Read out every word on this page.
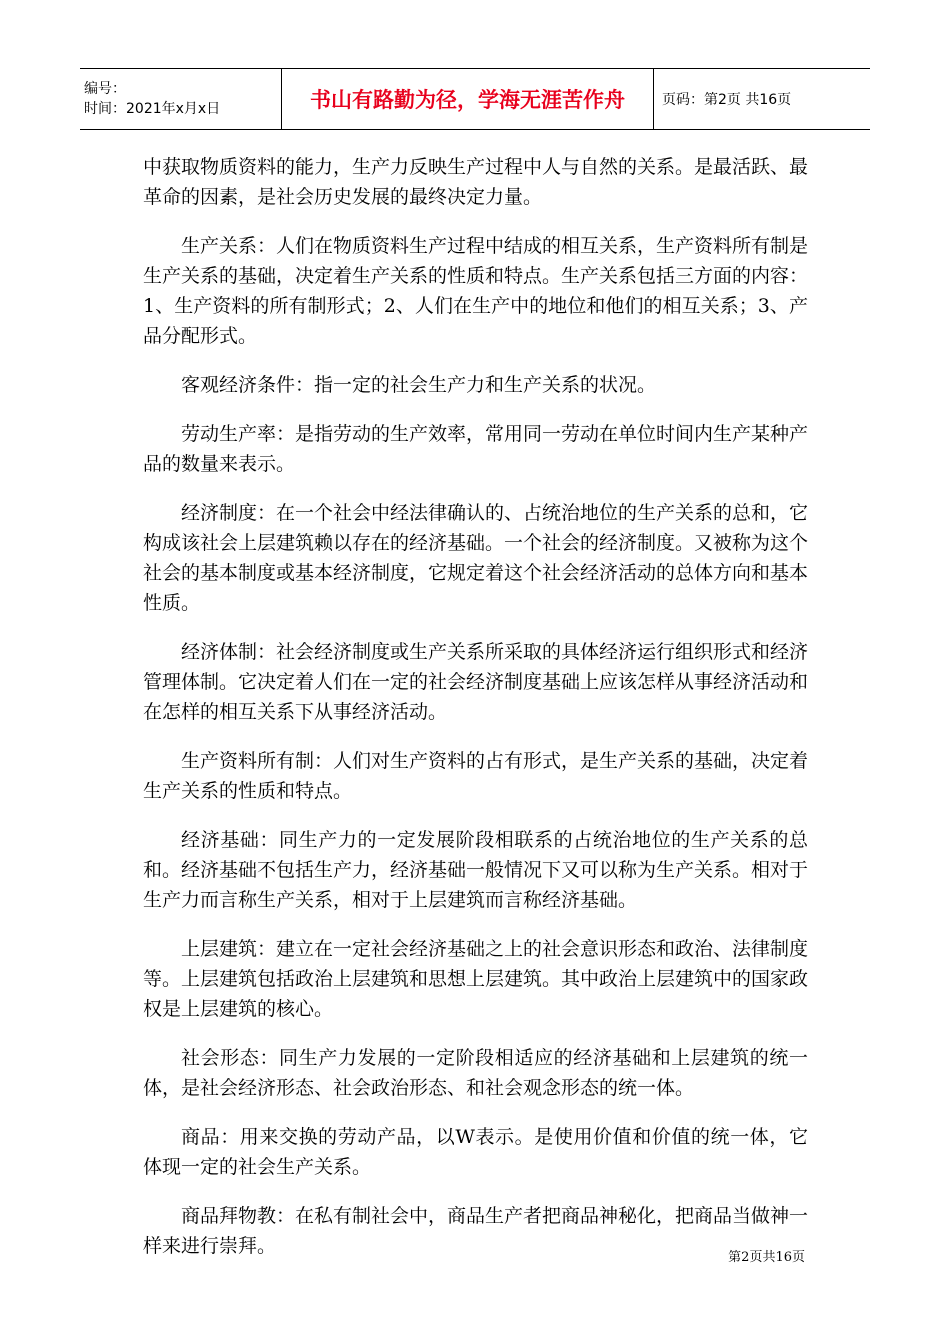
编号：
时间：2021年x月x日	书山有路勤为径，学海无涯苦作舟	页码：第2页 共16页

中获取物质资料的能力，生产力反映生产过程中人与自然的关系。是最活跃、最革命的因素，是社会历史发展的最终决定力量。

生产关系：人们在物质资料生产过程中结成的相互关系，生产资料所有制是生产关系的基础，决定着生产关系的性质和特点。生产关系包括三方面的内容：1、生产资料的所有制形式；2、人们在生产中的地位和他们的相互关系；3、产品分配形式。

客观经济条件：指一定的社会生产力和生产关系的状况。

劳动生产率：是指劳动的生产效率，常用同一劳动在单位时间内生产某种产品的数量来表示。

经济制度：在一个社会中经法律确认的、占统治地位的生产关系的总和，它构成该社会上层建筑赖以存在的经济基础。一个社会的经济制度。又被称为这个社会的基本制度或基本经济制度，它规定着这个社会经济活动的总体方向和基本性质。

经济体制：社会经济制度或生产关系所采取的具体经济运行组织形式和经济管理体制。它决定着人们在一定的社会经济制度基础上应该怎样从事经济活动和在怎样的相互关系下从事经济活动。

生产资料所有制：人们对生产资料的占有形式，是生产关系的基础，决定着生产关系的性质和特点。

经济基础：同生产力的一定发展阶段相联系的占统治地位的生产关系的总和。经济基础不包括生产力，经济基础一般情况下又可以称为生产关系。相对于生产力而言称生产关系，相对于上层建筑而言称经济基础。

上层建筑：建立在一定社会经济基础之上的社会意识形态和政治、法律制度等。上层建筑包括政治上层建筑和思想上层建筑。其中政治上层建筑中的国家政权是上层建筑的核心。

社会形态：同生产力发展的一定阶段相适应的经济基础和上层建筑的统一体，是社会经济形态、社会政治形态、和社会观念形态的统一体。

商品：用来交换的劳动产品，以W表示。是使用价值和价值的统一体，它体现一定的社会生产关系。

商品拜物教：在私有制社会中，商品生产者把商品神秘化，把商品当做神一样来进行崇拜。

第2页共16页
